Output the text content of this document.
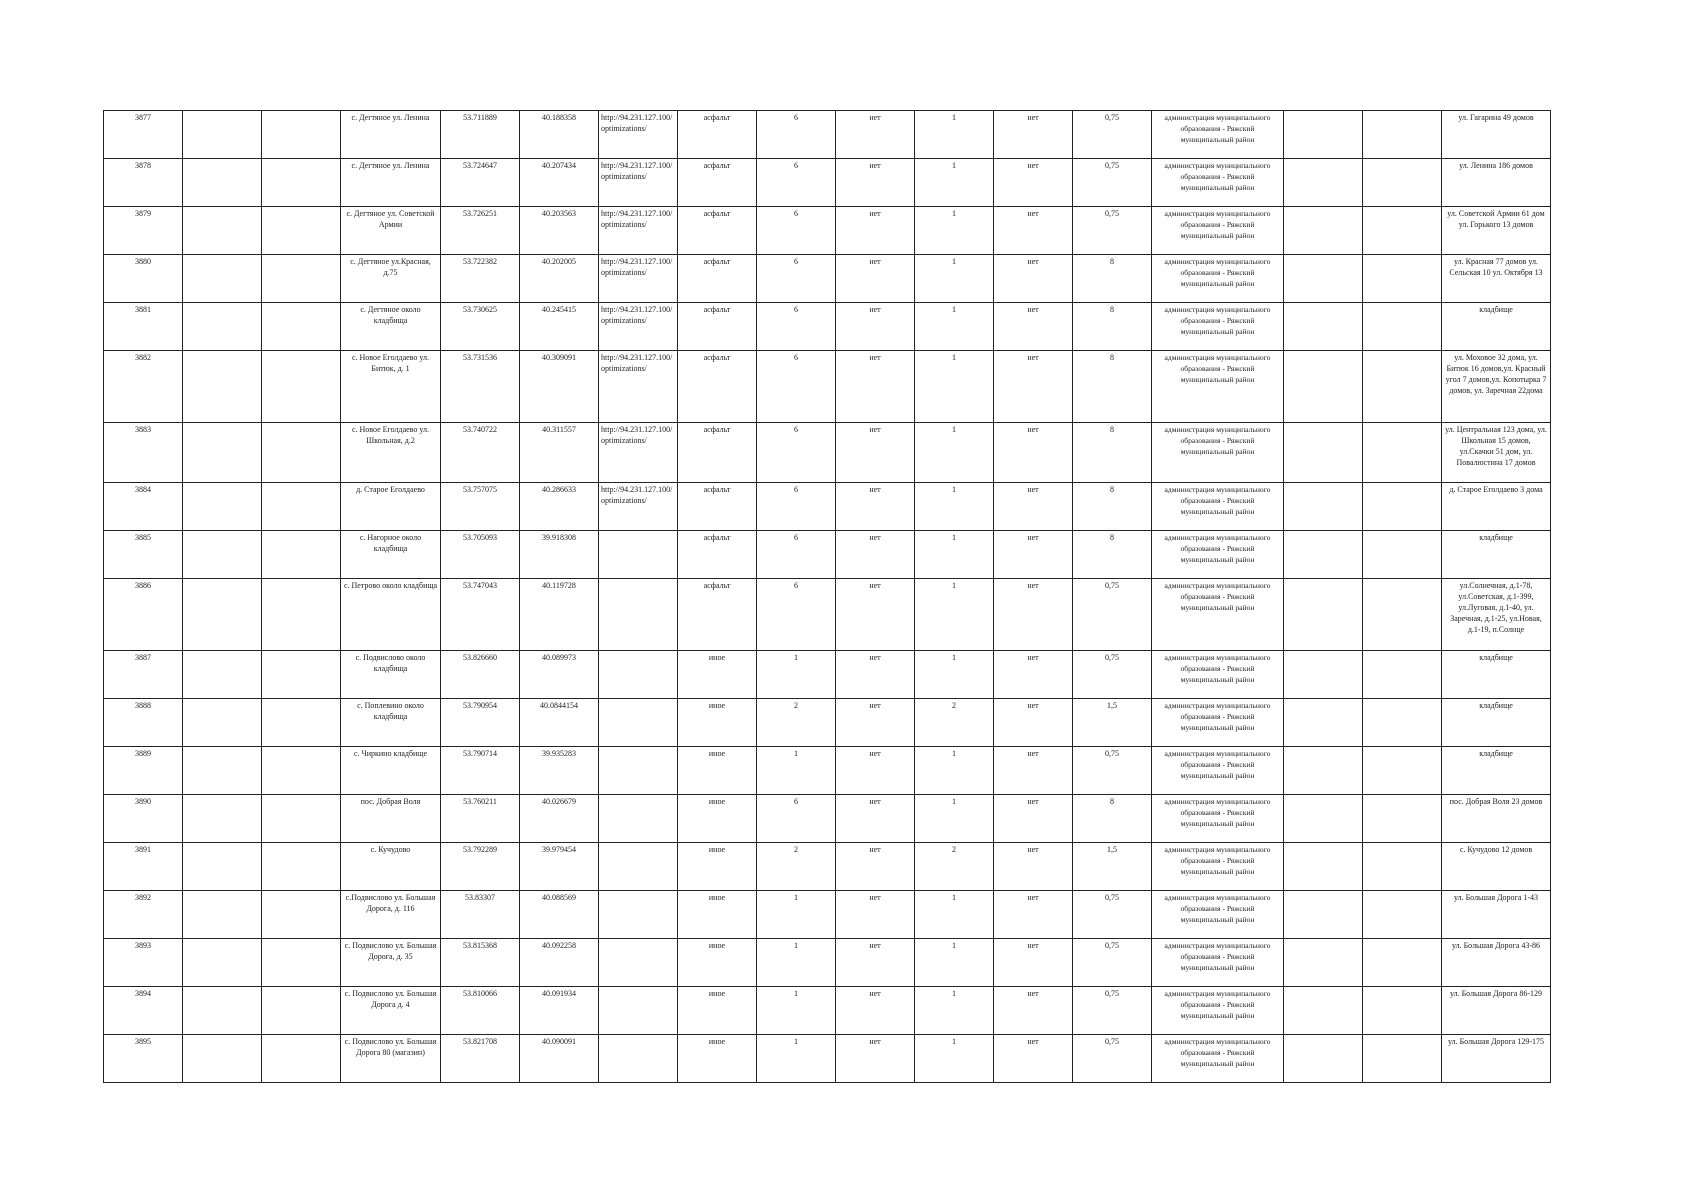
3877			с. Дегтяное ул. Ленина	53.711889	40.188358	http://94.231.127.100/optimizations/	асфальт	6	нет	1	нет	0,75	администрация муниципального образования - Ряжский муниципальный район			ул. Гагарина 49 домов
3878			с. Дегтяное ул. Ленина	53.724647	40.207434	http://94.231.127.100/optimizations/	асфальт	6	нет	1	нет	0,75	администрация муниципального образования - Ряжский муниципальный район			ул. Ленина 186 домов
3879			с. Дегтяное ул. Советской Армии	53.726251	40.203563	http://94.231.127.100/optimizations/	асфальт	6	нет	1	нет	0,75	администрация муниципального образования - Ряжский муниципальный район			ул. Советской Армии 61 дом ул. Горького 13 домов
3880			с. Дегтяное ул.Красная, д.75	53.722382	40.202005	http://94.231.127.100/optimizations/	асфальт	6	нет	1	нет	8	администрация муниципального образования - Ряжский муниципальный район			ул. Красная 77 домов ул. Сельская 10 ул. Октября 13
3881			с. Дегтяное около кладбища	53.730625	40.245415	http://94.231.127.100/optimizations/	асфальт	6	нет	1	нет	8	администрация муниципального образования - Ряжский муниципальный район			кладбище
3882			с. Новое Еголдаево ул. Битюк, д. 1	53.731536	40.309091	http://94.231.127.100/optimizations/	асфальт	6	нет	1	нет	8	администрация муниципального образования - Ряжский муниципальный район			ул. Моховое 32 дома, ул. Битюк 16 домов,ул. Красный угол 7 домов,ул. Копотырка 7 домов, ул. Заречная 22дома
3883			с. Новое Еголдаево ул. Школьная, д.2	53.740722	40.311557	http://94.231.127.100/optimizations/	асфальт	6	нет	1	нет	8	администрация муниципального образования - Ряжский муниципальный район			ул. Центральная 123 дома, ул. Школьная 15 домов, ул.Скачки 51 дом, ул. Повалюстина 17 домов
3884			д. Старое Еголдаево	53.757075	40.286633	http://94.231.127.100/optimizations/	асфальт	6	нет	1	нет	8	администрация муниципального образования - Ряжский муниципальный район			д. Старое Еголдаево 3 дома
3885			с. Нагорное около кладбища	53.705093	39.918308		асфальт	6	нет	1	нет	8	администрация муниципального образования - Ряжский муниципальный район			кладбище
3886			с. Петрово около кладбища	53.747043	40.119728		асфальт	6	нет	1	нет	0,75	администрация муниципального образования - Ряжский муниципальный район			ул.Солнечная, д.1-78, ул.Советская, д.1-399, ул.Луговая, д.1-40, ул. Заречная, д.1-25, ул.Новая, д.1-19, п.Солнце
3887			с. Подвислово около кладбища	53.826660	40.089973		иное	1	нет	1	нет	0,75	администрация муниципального образования - Ряжский муниципальный район			кладбище
3888			с. Поплевино около кладбища	53.790954	40.0844154		иное	2	нет	2	нет	1,5	администрация муниципального образования - Ряжский муниципальный район			кладбище
3889			с. Чиркино кладбище	53.790714	39.935283		иное	1	нет	1	нет	0,75	администрация муниципального образования - Ряжский муниципальный район			кладбище
3890			пос. Добрая Воля	53.760211	40.026679		иное	6	нет	1	нет	8	администрация муниципального образования - Ряжский муниципальный район			пос. Добрая Воля 23 домов
3891			с. Кучудово	53.792289	39.979454		иное	2	нет	2	нет	1,5	администрация муниципального образования - Ряжский муниципальный район			с. Кучудово 12 домов
3892			с.Подвислово ул. Большая Дорога, д. 116	53.83307	40.088569		иное	1	нет	1	нет	0,75	администрация муниципального образования - Ряжский муниципальный район			ул. Большая Дорога 1-43
3893			с. Подвислово ул. Большая Дорога, д. 35	53.815368	40.092258		иное	1	нет	1	нет	0,75	администрация муниципального образования - Ряжский муниципальный район			ул. Большая Дорога 43-86
3894			с. Подвислово ул. Большая Дорога д. 4	53.810066	40.091934		иное	1	нет	1	нет	0,75	администрация муниципального образования - Ряжский муниципальный район			ул. Большая Дорога 86-129
3895			с. Подвислово ул. Большая Дорога 80 (магазин)	53.821708	40.090091		иное	1	нет	1	нет	0,75	администрация муниципального образования - Ряжский муниципальный район			ул. Большая Дорога 129-175
